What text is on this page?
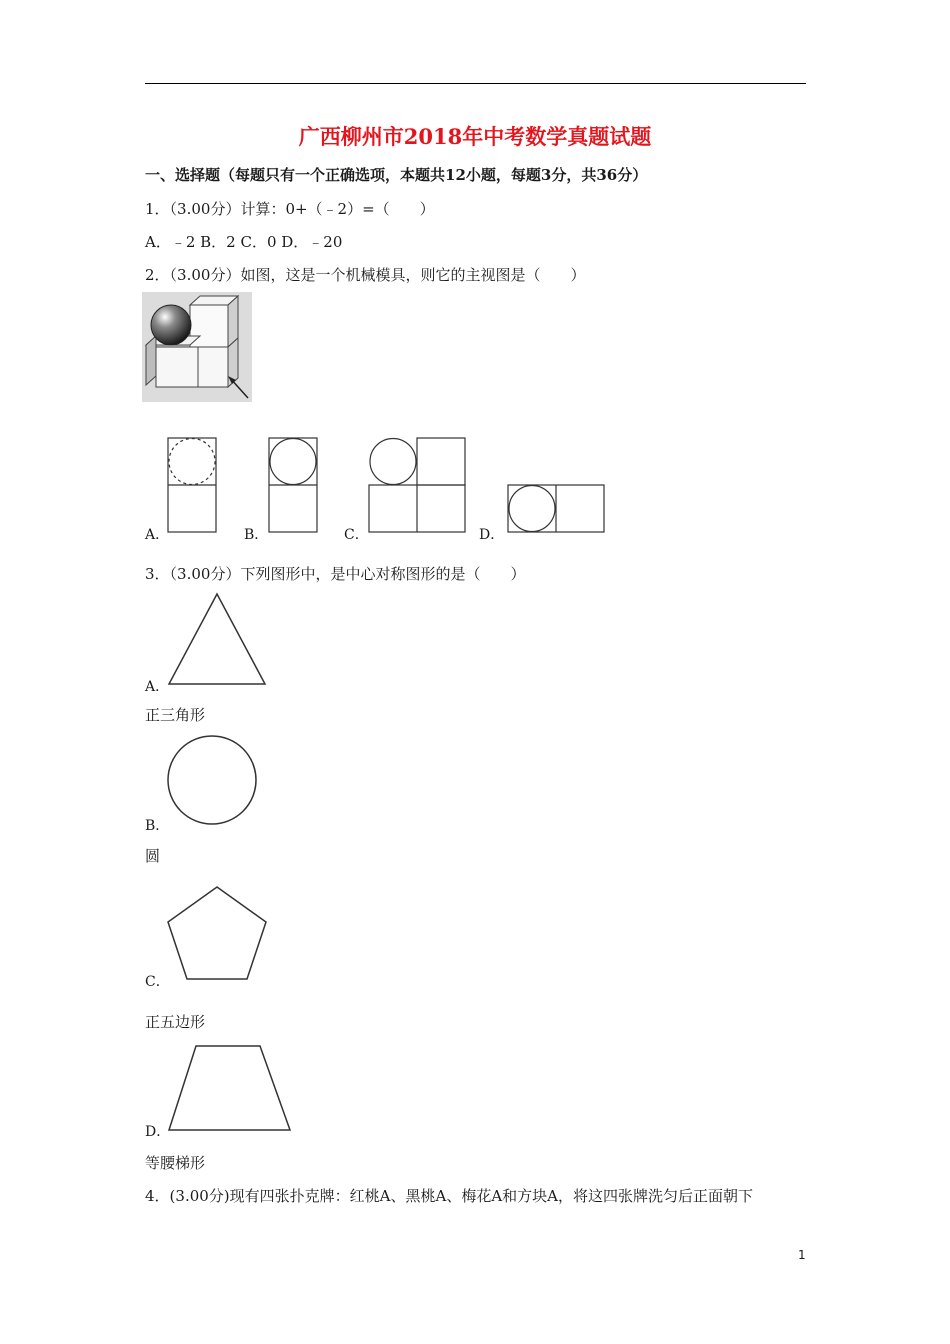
广西柳州市2018年中考数学真题试题
一、选择题（每题只有一个正确选项，本题共12小题，每题3分，共36分）
1．（3.00分）计算：0+（﹣2）=（　　）
A．﹣2 B．2 C．0 D．﹣20
2．（3.00分）如图，这是一个机械模具，则它的主视图是（　　）
A．	B．	C．	D．
3．（3.00分）下列图形中，是中心对称图形的是（　　）
A．
正三角形
B．
圆
C．
正五边形
D．
等腰梯形
4．(3.00分)现有四张扑克牌：红桃A、黑桃A、梅花A和方块A，将这四张牌洗匀后正面朝下
1
